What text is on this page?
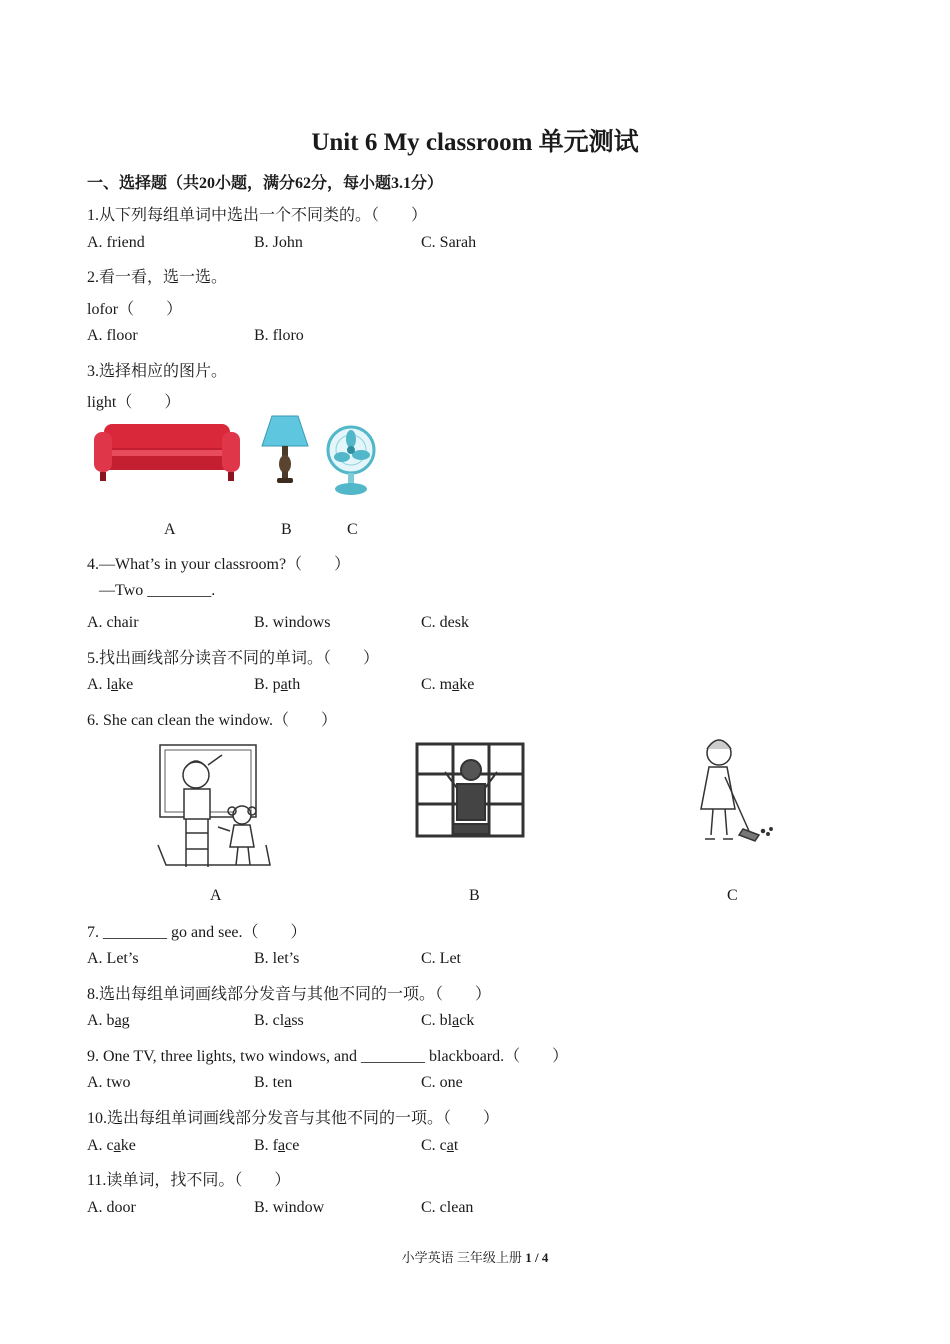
Unit 6 My classroom 单元测试
一、选择题（共20小题，满分62分，每小题3.1分）
1.从下列每组单词中选出一个不同类的。（　　）
A. friend	B. John	C. Sarah
2.看一看，选一选。
lofor（　　）
A. floor	B. floro
3.选择相应的图片。
light（　　）
A	B	C
4.—What’s in your classroom?（　　）
—Two ________.
A. chair	B. windows	C. desk
5.找出画线部分读音不同的单词。（　　）
A. lake	B. path	C. make
6. She can clean the window.（　　）
A	B	C
7. ________ go and see.（　　）
A. Let’s	B. let’s	C. Let
8.选出每组单词画线部分发音与其他不同的一项。（　　）
A. bag	B. class	C. black
9. One TV, three lights, two windows, and ________ blackboard.（　　）
A. two	B. ten	C. one
10.选出每组单词画线部分发音与其他不同的一项。（　　）
A. cake	B. face	C. cat
11.读单词，找不同。（　　）
A. door	B. window	C. clean
小学英语 三年级上册 1 / 4
